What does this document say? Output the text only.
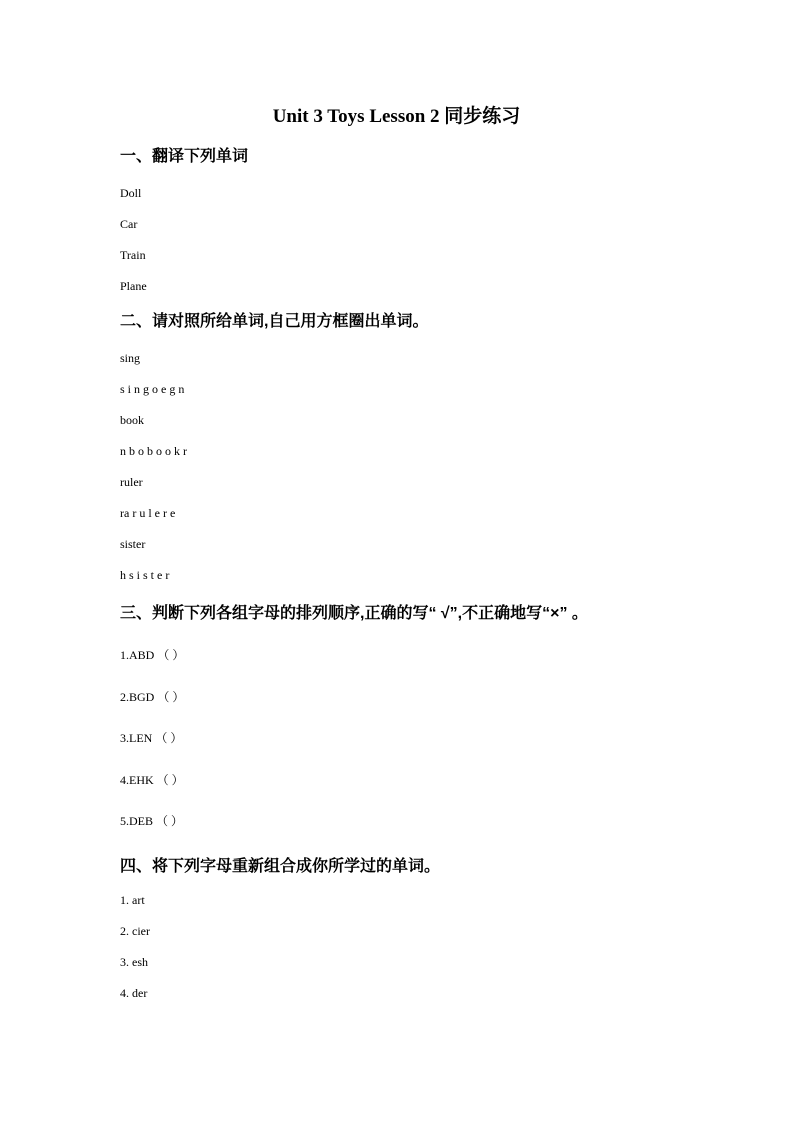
Unit 3 Toys Lesson 2 同步练习
一、翻译下列单词
Doll
Car
Train
Plane
二、请对照所给单词,自己用方框圈出单词。
sing
s i n g o e g n
book
n b o b o o k r
ruler
ra r u l e r e
sister
h s i s t e r
三、判断下列各组字母的排列顺序,正确的写“ √”,不正确地写“×” 。
1.ABD （ ）
2.BGD （ ）
3.LEN （ ）
4.EHK （ ）
5.DEB （ ）
四、将下列字母重新组合成你所学过的单词。
1. art
2. cier
3. esh
4. der
